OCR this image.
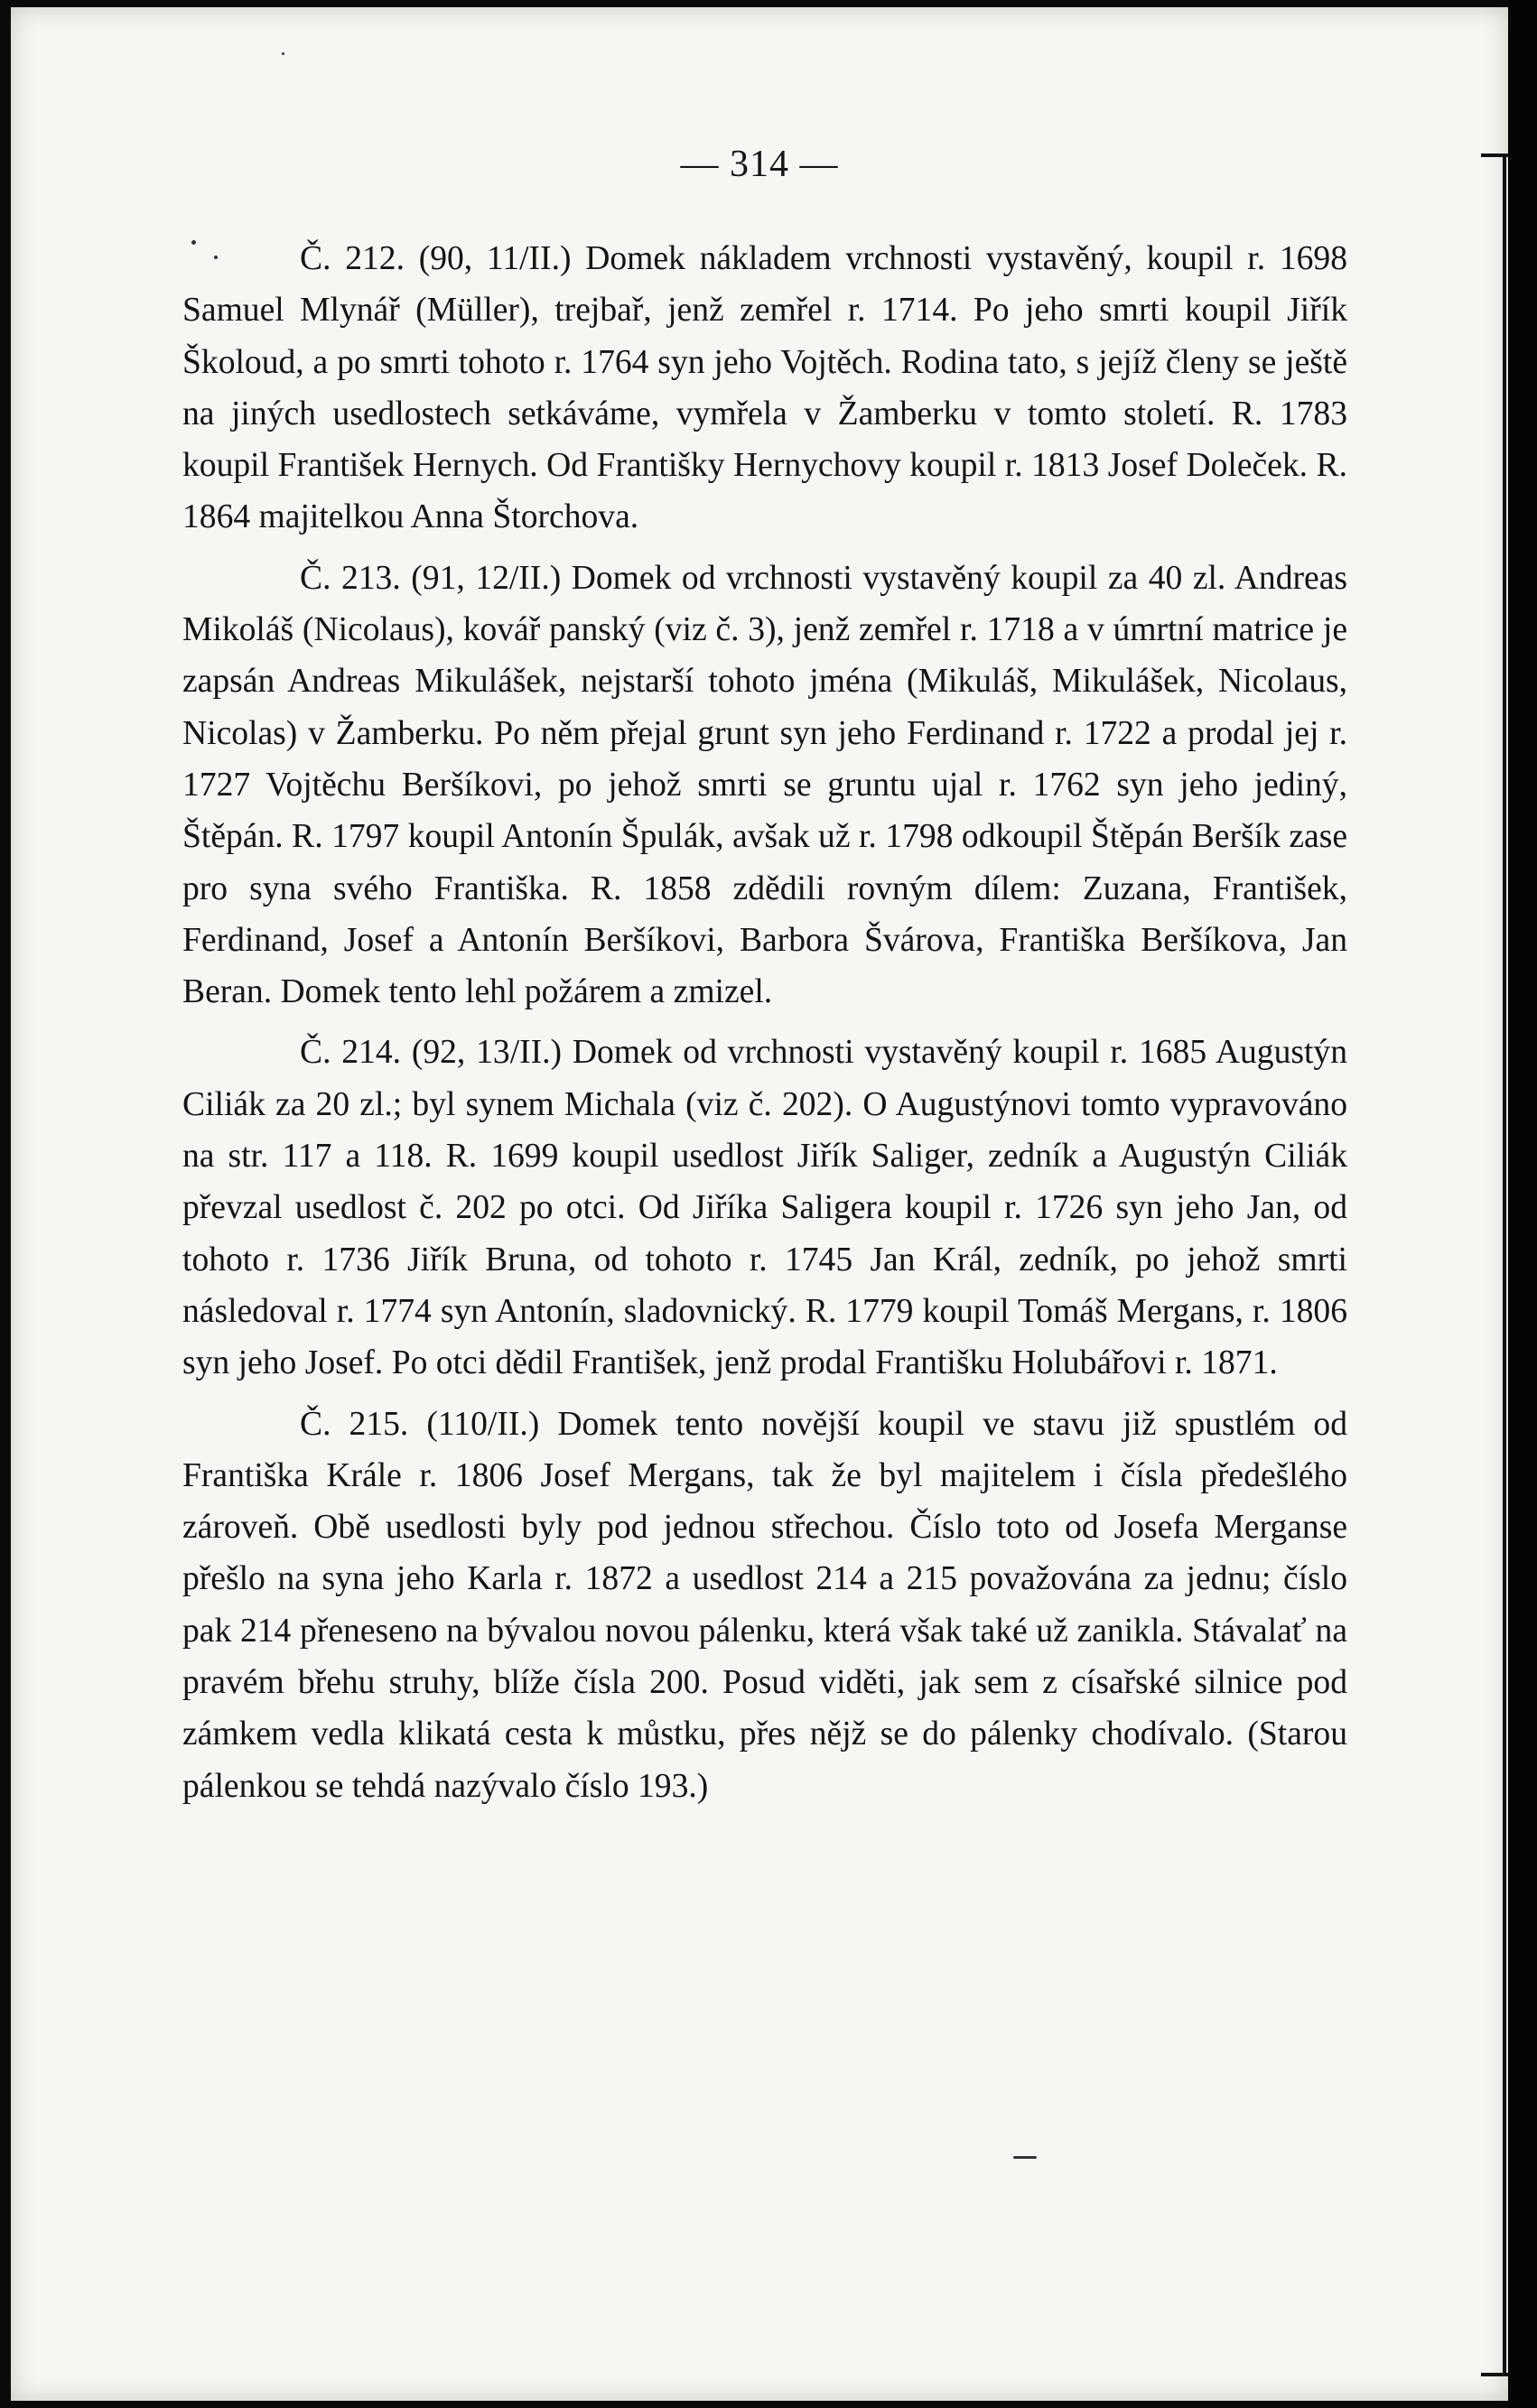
— 314 —

Č. 212. (90, 11/II.) Domek nákladem vrchnosti vystavěný, koupil r. 1698 Samuel Mlynář (Müller), trejbař, jenž zemřel r. 1714. Po jeho smrti koupil Jiřík Školoud, a po smrti tohoto r. 1764 syn jeho Vojtěch. Rodina tato, s jejíž členy se ještě na jiných usedlostech setkáváme, vymřela v Žamberku v tomto století. R. 1783 koupil František Hernych. Od Františky Hernychovy koupil r. 1813 Josef Doleček. R. 1864 majitelkou Anna Štorchova.

Č. 213. (91, 12/II.) Domek od vrchnosti vystavěný koupil za 40 zl. Andreas Mikoláš (Nicolaus), kovář panský (viz č. 3), jenž zemřel r. 1718 a v úmrtní matrice je zapsán Andreas Mikulášek, nejstarší tohoto jména (Mikuláš, Mikulášek, Nicolaus, Nicolas) v Žamberku. Po něm přejal grunt syn jeho Ferdinand r. 1722 a prodal jej r. 1727 Vojtěchu Beršíkovi, po jehož smrti se gruntu ujal r. 1762 syn jeho jediný, Štěpán. R. 1797 koupil Antonín Špulák, avšak už r. 1798 odkoupil Štěpán Beršík zase pro syna svého Františka. R. 1858 zdědili rovným dílem: Zuzana, František, Ferdinand, Josef a Antonín Beršíkovi, Barbora Švárova, Františka Beršíkova, Jan Beran. Domek tento lehl požárem a zmizel.

Č. 214. (92, 13/II.) Domek od vrchnosti vystavěný koupil r. 1685 Augustýn Ciliák za 20 zl.; byl synem Michala (viz č. 202). O Augustýnovi tomto vypravováno na str. 117 a 118. R. 1699 koupil usedlost Jiřík Saliger, zedník a Augustýn Ciliák převzal usedlost č. 202 po otci. Od Jiříka Saligera koupil r. 1726 syn jeho Jan, od tohoto r. 1736 Jiřík Bruna, od tohoto r. 1745 Jan Král, zedník, po jehož smrti následoval r. 1774 syn Antonín, sladovnický. R. 1779 koupil Tomáš Mergans, r. 1806 syn jeho Josef. Po otci dědil František, jenž prodal Františku Holubářovi r. 1871.

Č. 215. (110/II.) Domek tento novější koupil ve stavu již spustlém od Františka Krále r. 1806 Josef Mergans, tak že byl majitelem i čísla předešlého zároveň. Obě usedlosti byly pod jednou střechou. Číslo toto od Josefa Merganse přešlo na syna jeho Karla r. 1872 a usedlost 214 a 215 považována za jednu; číslo pak 214 přeneseno na bývalou novou pálenku, která však také už zanikla. Stávalať na pravém břehu struhy, blíže čísla 200. Posud viděti, jak sem z císařské silnice pod zámkem vedla klikatá cesta k můstku, přes nějž se do pálenky chodívalo. (Starou pálenkou se tehdá nazývalo číslo 193.)
